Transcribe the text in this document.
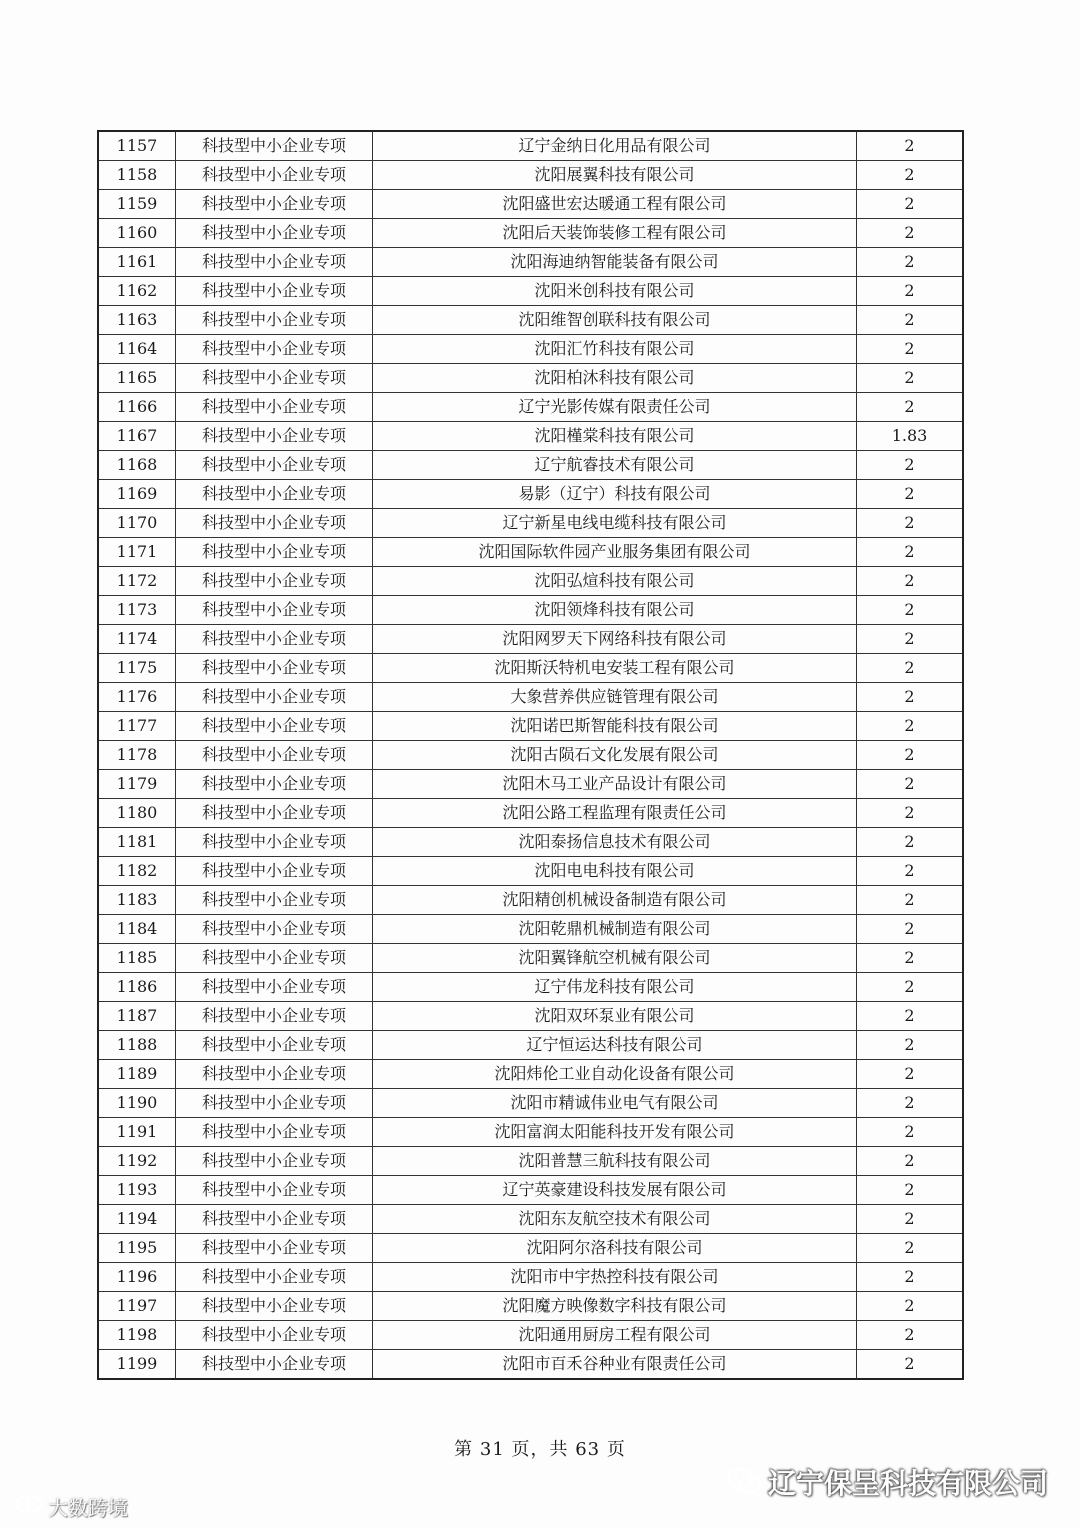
1157	科技型中小企业专项	辽宁金纳日化用品有限公司	2
1158	科技型中小企业专项	沈阳展翼科技有限公司	2
1159	科技型中小企业专项	沈阳盛世宏达暖通工程有限公司	2
1160	科技型中小企业专项	沈阳后天装饰装修工程有限公司	2
1161	科技型中小企业专项	沈阳海迪纳智能装备有限公司	2
1162	科技型中小企业专项	沈阳米创科技有限公司	2
1163	科技型中小企业专项	沈阳维智创联科技有限公司	2
1164	科技型中小企业专项	沈阳汇竹科技有限公司	2
1165	科技型中小企业专项	沈阳柏沐科技有限公司	2
1166	科技型中小企业专项	辽宁光影传媒有限责任公司	2
1167	科技型中小企业专项	沈阳槿棠科技有限公司	1.83
1168	科技型中小企业专项	辽宁航睿技术有限公司	2
1169	科技型中小企业专项	易影（辽宁）科技有限公司	2
1170	科技型中小企业专项	辽宁新星电线电缆科技有限公司	2
1171	科技型中小企业专项	沈阳国际软件园产业服务集团有限公司	2
1172	科技型中小企业专项	沈阳弘煊科技有限公司	2
1173	科技型中小企业专项	沈阳领烽科技有限公司	2
1174	科技型中小企业专项	沈阳网罗天下网络科技有限公司	2
1175	科技型中小企业专项	沈阳斯沃特机电安装工程有限公司	2
1176	科技型中小企业专项	大象营养供应链管理有限公司	2
1177	科技型中小企业专项	沈阳诺巴斯智能科技有限公司	2
1178	科技型中小企业专项	沈阳古陨石文化发展有限公司	2
1179	科技型中小企业专项	沈阳木马工业产品设计有限公司	2
1180	科技型中小企业专项	沈阳公路工程监理有限责任公司	2
1181	科技型中小企业专项	沈阳泰扬信息技术有限公司	2
1182	科技型中小企业专项	沈阳电电科技有限公司	2
1183	科技型中小企业专项	沈阳精创机械设备制造有限公司	2
1184	科技型中小企业专项	沈阳乾鼎机械制造有限公司	2
1185	科技型中小企业专项	沈阳翼锋航空机械有限公司	2
1186	科技型中小企业专项	辽宁伟龙科技有限公司	2
1187	科技型中小企业专项	沈阳双环泵业有限公司	2
1188	科技型中小企业专项	辽宁恒运达科技有限公司	2
1189	科技型中小企业专项	沈阳炜伦工业自动化设备有限公司	2
1190	科技型中小企业专项	沈阳市精诚伟业电气有限公司	2
1191	科技型中小企业专项	沈阳富润太阳能科技开发有限公司	2
1192	科技型中小企业专项	沈阳普慧三航科技有限公司	2
1193	科技型中小企业专项	辽宁英豪建设科技发展有限公司	2
1194	科技型中小企业专项	沈阳东友航空技术有限公司	2
1195	科技型中小企业专项	沈阳阿尔洛科技有限公司	2
1196	科技型中小企业专项	沈阳市中宇热控科技有限公司	2
1197	科技型中小企业专项	沈阳魔方映像数字科技有限公司	2
1198	科技型中小企业专项	沈阳通用厨房工程有限公司	2
1199	科技型中小企业专项	沈阳市百禾谷种业有限责任公司	2
第 31 页，共 63 页
辽宁保呈科技有限公司
大数跨境
